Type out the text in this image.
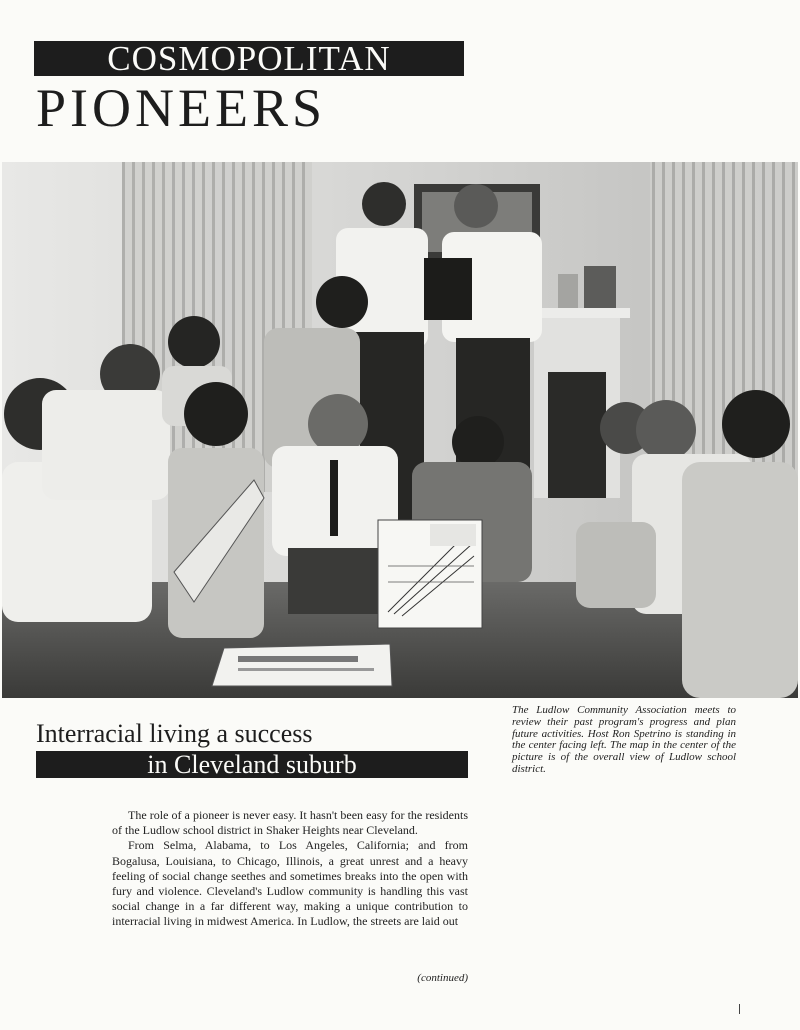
COSMOPOLITAN
PIONEERS
Interracial living a success
in Cleveland suburb
The Ludlow Community Association meets to review their past program's progress and plan future activities. Host Ron Spetrino is standing in the center facing left. The map in the center of the picture is of the overall view of Ludlow school district.

The role of a pioneer is never easy. It hasn't been easy for the residents of the Ludlow school district in Shaker Heights near Cleveland.

From Selma, Alabama, to Los Angeles, California; and from Bogalusa, Louisiana, to Chicago, Illinois, a great unrest and a heavy feeling of social change seethes and sometimes breaks into the open with fury and violence. Cleveland's Ludlow community is handling this vast social change in a far different way, making a unique contribution to interracial living in midwest America. In Ludlow, the streets are laid out

(continued)
